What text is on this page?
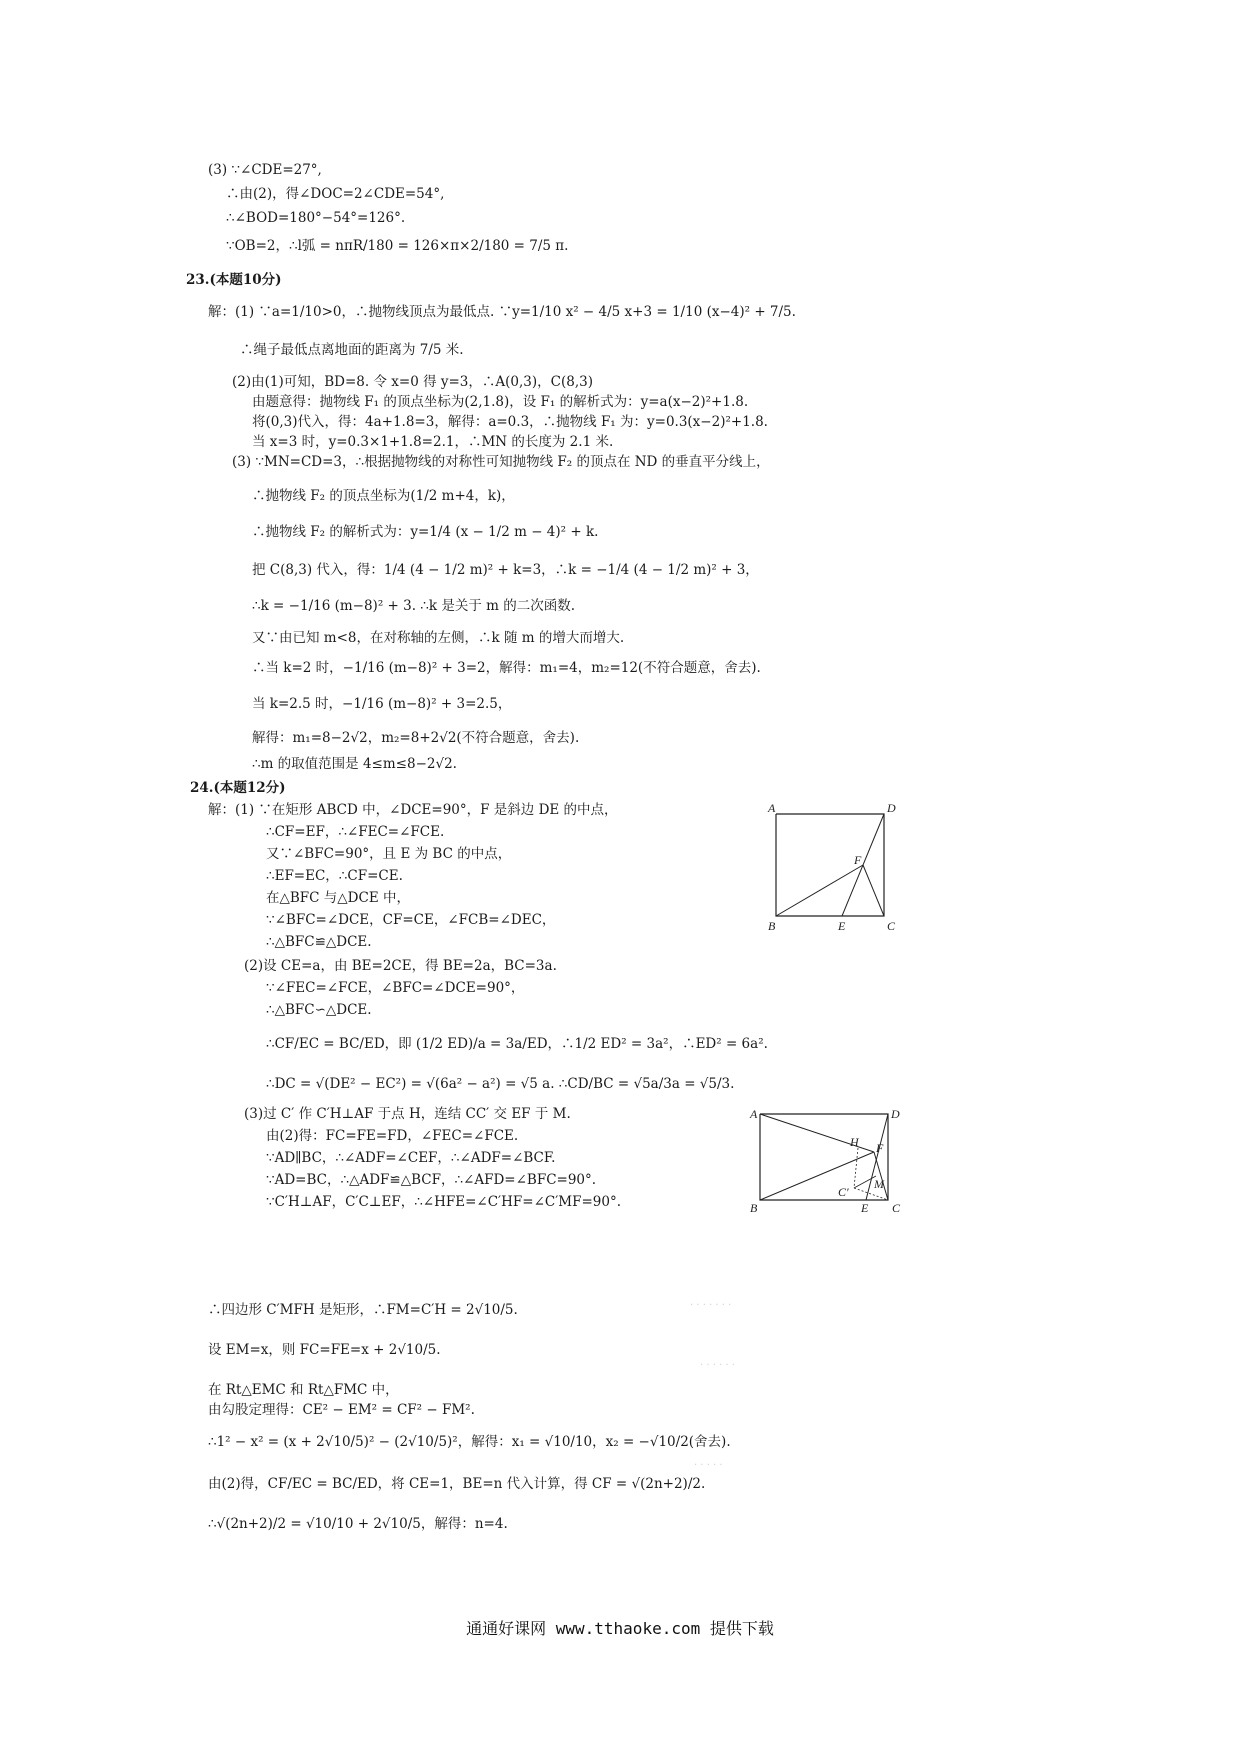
(3) ∵∠CDE=27°,
∴由(2)，得∠DOC=2∠CDE=54°,
∴∠BOD=180°−54°=126°.
∵OB=2，∴l弧 = nπR/180 = 126×π×2/180 = 7/5 π.
23.(本题10分)
解：(1) ∵a=1/10>0，∴抛物线顶点为最低点. ∵y=1/10 x² − 4/5 x+3 = 1/10 (x−4)² + 7/5.
∴绳子最低点离地面的距离为 7/5 米.
(2)由(1)可知，BD=8. 令 x=0 得 y=3，∴A(0,3)，C(8,3)
由题意得：抛物线 F₁ 的顶点坐标为(2,1.8)，设 F₁ 的解析式为：y=a(x−2)²+1.8.
将(0,3)代入，得：4a+1.8=3，解得：a=0.3，∴抛物线 F₁ 为：y=0.3(x−2)²+1.8.
当 x=3 时，y=0.3×1+1.8=2.1，∴MN 的长度为 2.1 米.
(3) ∵MN=CD=3，∴根据抛物线的对称性可知抛物线 F₂ 的顶点在 ND 的垂直平分线上，
∴抛物线 F₂ 的顶点坐标为(1/2 m+4，k)，
∴抛物线 F₂ 的解析式为：y=1/4 (x − 1/2 m − 4)² + k.
把 C(8,3) 代入，得：1/4 (4 − 1/2 m)² + k=3，∴k = −1/4 (4 − 1/2 m)² + 3，
∴k = −1/16 (m−8)² + 3. ∴k 是关于 m 的二次函数.
又∵由已知 m<8，在对称轴的左侧，∴k 随 m 的增大而增大.
∴当 k=2 时，−1/16 (m−8)² + 3=2，解得：m₁=4，m₂=12(不符合题意，舍去).
当 k=2.5 时，−1/16 (m−8)² + 3=2.5，
解得：m₁=8−2√2，m₂=8+2√2(不符合题意，舍去).
∴m 的取值范围是 4≤m≤8−2√2.
24.(本题12分)
解：(1) ∵在矩形 ABCD 中，∠DCE=90°，F 是斜边 DE 的中点，
∴CF=EF，∴∠FEC=∠FCE.
又∵∠BFC=90°，且 E 为 BC 的中点，
∴EF=EC，∴CF=CE.
在△BFC 与△DCE 中，
∵∠BFC=∠DCE，CF=CE，∠FCB=∠DEC，
∴△BFC≌△DCE.
(2)设 CE=a，由 BE=2CE，得 BE=2a，BC=3a.
∵∠FEC=∠FCE，∠BFC=∠DCE=90°，
∴△BFC∽△DCE.
∴CF/EC = BC/ED，即 (1/2 ED)/a = 3a/ED，∴1/2 ED² = 3a²，∴ED² = 6a².
∴DC = √(DE² − EC²) = √(6a² − a²) = √5 a. ∴CD/BC = √5a/3a = √5/3.
(3)过 C′ 作 C′H⊥AF 于点 H，连结 CC′ 交 EF 于 M.
由(2)得：FC=FE=FD，∠FEC=∠FCE.
∵AD∥BC，∴∠ADF=∠CEF，∴∠ADF=∠BCF.
∵AD=BC，∴△ADF≌△BCF，∴∠AFD=∠BFC=90°.
∵C′H⊥AF，C′C⊥EF，∴∠HFE=∠C′HF=∠C′MF=90°.
∴四边形 C′MFH 是矩形，∴FM=C′H = 2√10/5.
设 EM=x，则 FC=FE=x + 2√10/5.
在 Rt△EMC 和 Rt△FMC 中，
由勾股定理得：CE² − EM² = CF² − FM².
∴1² − x² = (x + 2√10/5)² − (2√10/5)²，解得：x₁ = √10/10，x₂ = −√10/2(舍去).
由(2)得，CF/EC = BC/ED，将 CE=1，BE=n 代入计算，得 CF = √(2n+2)/2.
∴√(2n+2)/2 = √10/10 + 2√10/5，解得：n=4.
A	D
B	E	C
F
A	D
B	E C
F
H
M
C′
· · · · · · ·
· · · · · ·
· · · · ·
通通好课网 www.tthaoke.com 提供下载
